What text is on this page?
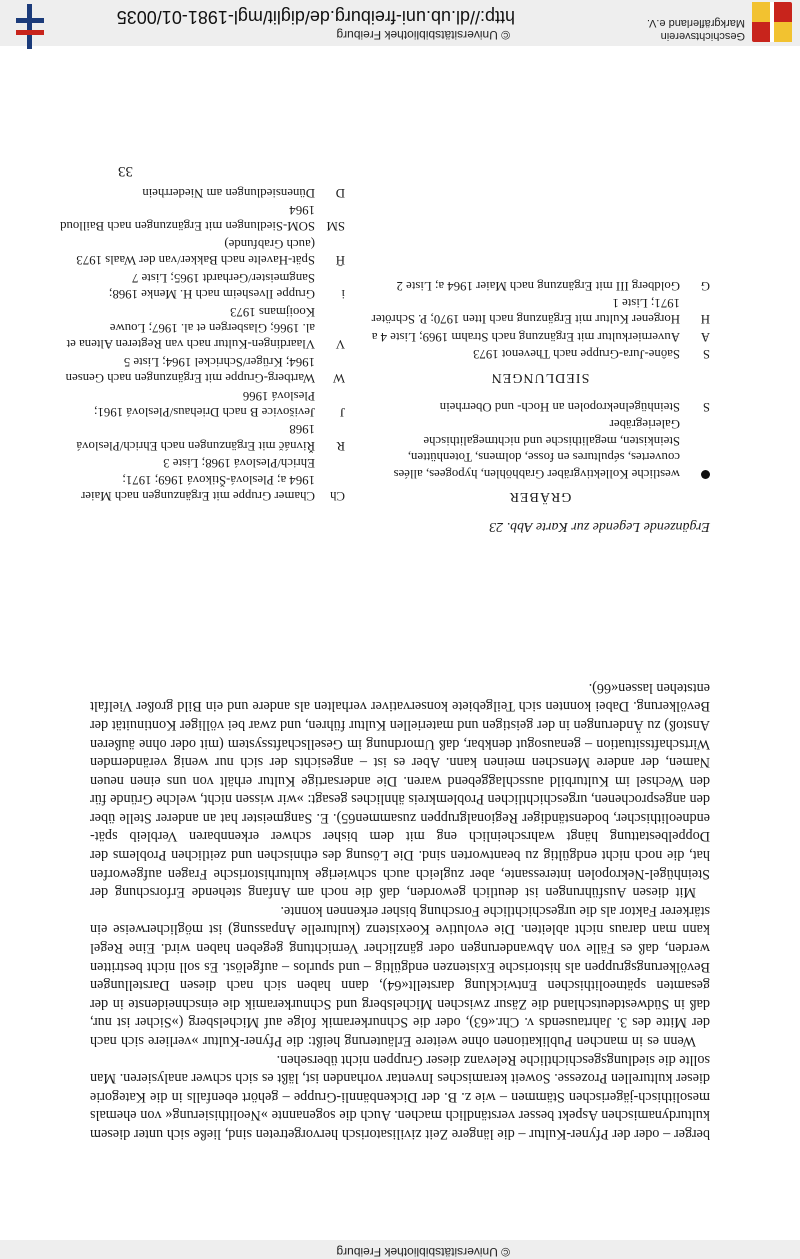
Geschichtsverein
Markgräflerland e.V.
© Universitätsbibliothek Freiburg
http://dl.ub.uni-freiburg.de/diglit/mgl-1981-01/0035
© Universitätsbibliothek Freiburg
33

berger – oder der Pfyner-Kultur – die längere Zeit zivilisatorisch hervorgetreten sind, ließe sich unter diesem kulturdynamischen Aspekt besser verständlich machen. Auch die sogenannte »Neolithisierung« von ehemals mesolithisch-jägerischen Stämmen – wie z. B. der Dickenbännli-Gruppe – gehört ebenfalls in die Kategorie dieser kulturellen Prozesse. Soweit keramisches Inventar vorhanden ist, läßt es sich schwer analysieren. Man sollte die siedlungsgeschichtliche Relevanz dieser Gruppen nicht übersehen.

Wenn es in manchen Publikationen ohne weitere Erläuterung heißt: die Pfyner-Kultur »verliere sich nach der Mitte des 3. Jahrtausends v. Chr.«63), oder die Schnurkeramik folge auf Michelsberg (»Sicher ist nur, daß in Südwestdeutschland die Zäsur zwischen Michelsberg und Schnurkeramik die einschneidenste in der gesamten spätneolithischen Entwicklung darstellt«64), dann haben sich nach diesen Darstellungen Bevölkerungsgruppen als historische Existenzen endgültig – und spurlos – aufgelöst. Es soll nicht bestritten werden, daß es Fälle von Abwanderungen oder gänzlicher Vernichtung gegeben haben wird. Eine Regel kann man daraus nicht ableiten. Die evolutive Koexistenz (kulturelle Anpassung) ist möglicherweise ein stärkerer Faktor als die urgeschichtliche Forschung bisher erkennen konnte.

Mit diesen Ausführungen ist deutlich geworden, daß die noch am Anfang stehende Erforschung der Steinhügel-Nekropolen interessante, aber zugleich auch schwierige kulturhistorische Fragen aufgeworfen hat, die noch nicht endgültig zu beantworten sind. Die Lösung des ethnischen und zeitlichen Problems der Doppelbestattung hängt wahrscheinlich eng mit dem bisher schwer erkennbaren Verbleib spät-endneolithischer, bodenständiger Regionalgruppen zusammen65). E. Sangmeister hat an anderer Stelle über den angesprochenen, urgeschichtlichen Problemkreis ähnliches gesagt: »wir wissen nicht, welche Gründe für den Wechsel im Kulturbild ausschlaggebend waren. Die andersartige Kultur erhält von uns einen neuen Namen, der andere Menschen meinen kann. Aber es ist – angesichts der sich nur wenig verändernden Wirtschaftssituation – genausogut denkbar, daß Umordnung im Gesellschaftssystem (mit oder ohne äußeren Anstoß) zu Änderungen in der geistigen und materiellen Kultur führen, und zwar bei völliger Kontinuität der Bevölkerung. Dabei konnten sich Teilgebiete konservativer verhalten als andere und ein Bild großer Vielfalt entstehen lassen«66).

Ergänzende Legende zur Karte Abb. 23
GRÄBER
westliche Kollektivgräber Grabhöhlen, hypogees, allées couvertes, sépultures en fosse, dolmens, Totenhütten, Steinkisten, megalithische und nichtmegalithische Galeriegräber
S
Steinhügelnekropolen an Hoch- und Oberrhein
SIEDLUNGEN
S
Saône-Jura-Gruppe nach Thevenot 1973
A
Auvernierkultur mit Ergänzung nach Strahm 1969; Liste 4 a
H
Horgener Kultur mit Ergänzung nach Itten 1970; P. Schröter 1971; Liste 1
G
Goldberg III mit Ergänzung nach Maier 1964 a; Liste 2
Ch
Chamer Gruppe mit Ergänzungen nach Maier 1964 a; Pleslová-Štiková 1969; 1971; Ehrich/Pleslová 1968; Liste 3
R
Řivnáč mit Ergänzungen nach Ehrich/Pleslová 1968
J
Jevišovice B nach Driehaus/Pleslová 1961; Pleslová 1966
W
Wartberg-Gruppe mit Ergänzungen nach Gensen 1964; Krüger/Schrickel 1964; Liste 5
V
Vlaardingen-Kultur nach van Regteren Altena et al. 1966; Glasbergen et al. 1967; Louwe Kooijmans 1973
i
Gruppe Ilvesheim nach H. Menke 1968; Sangmeister/Gerhardt 1965; Liste 7
H̄
Spät-Havelte nach Bakker/van der Waals 1973 (auch Grabfunde)
SM
SOM-Siedlungen mit Ergänzungen nach Bailloud 1964
D
Dünensiedlungen am Niederrhein
